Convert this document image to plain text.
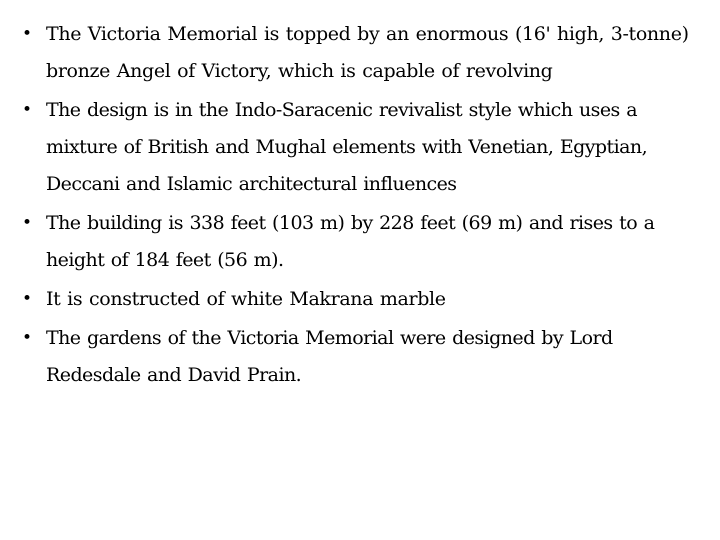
• The Victoria Memorial is topped by an enormous (16' high, 3-tonne) bronze Angel of Victory, which is capable of revolving
• The design is in the Indo-Saracenic revivalist style which uses a mixture of British and Mughal elements with Venetian, Egyptian, Deccani and Islamic architectural influences
• The building is 338 feet (103 m) by 228 feet (69 m) and rises to a height of 184 feet (56 m).
• It is constructed of white Makrana marble
• The gardens of the Victoria Memorial were designed by Lord Redesdale and David Prain.
